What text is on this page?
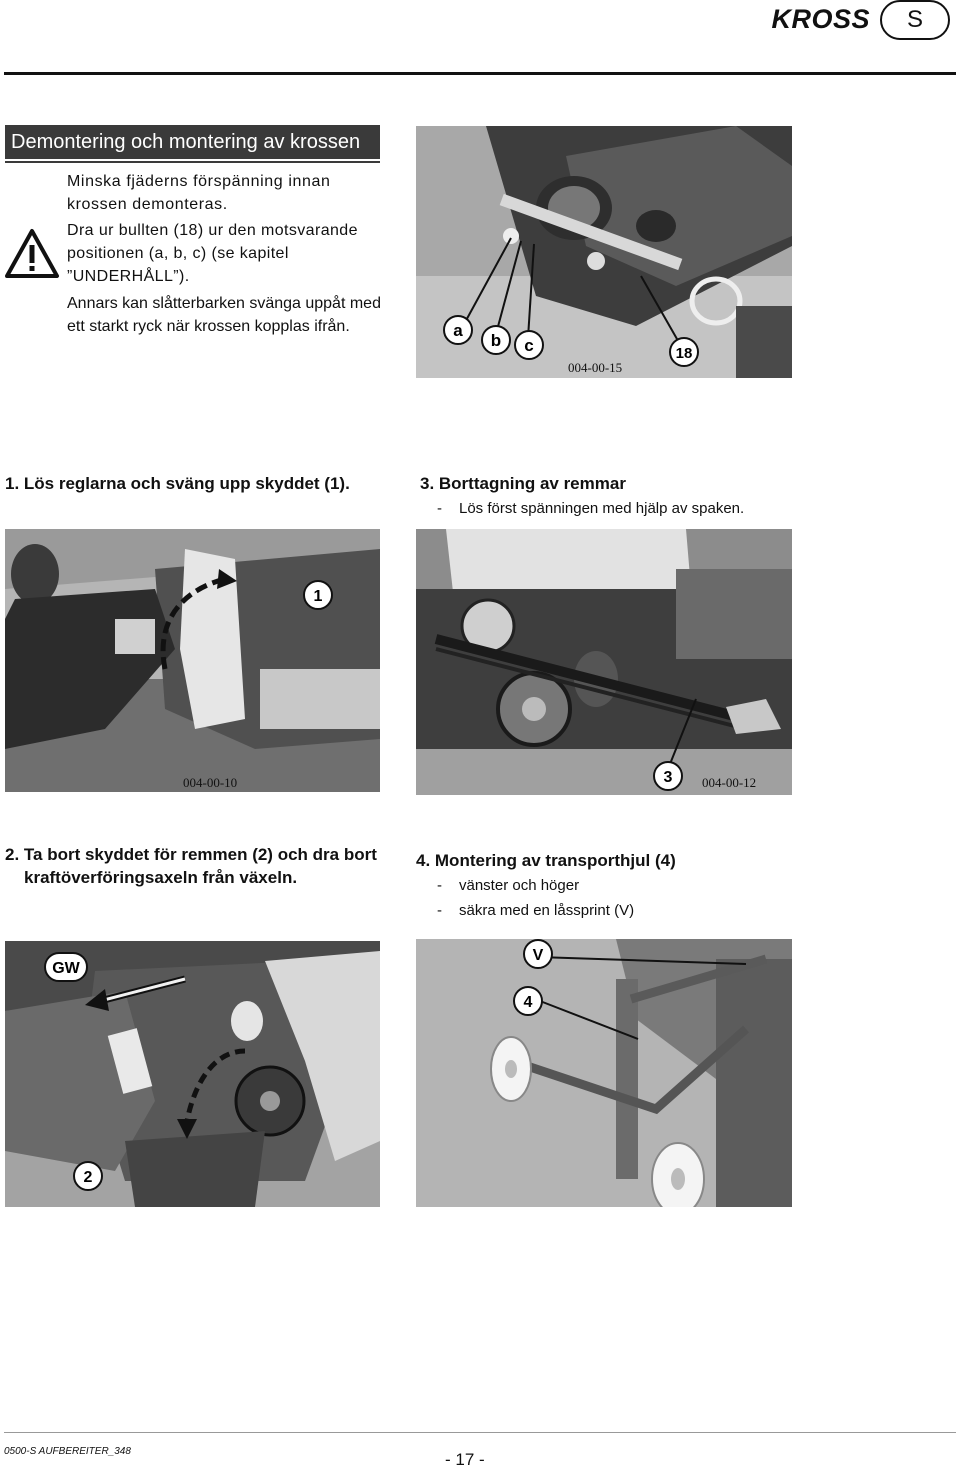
KROSS	S
Demontering och montering av krossen
Minska fjäderns förspänning innan krossen demonteras.
Dra ur bullten (18) ur den motsvarande positionen (a, b, c) (se kapitel ”UNDERHÅLL”).
Annars kan slåtterbarken svänga uppåt med ett starkt ryck när krossen kopplas ifrån.	a
b c	18
004-00-15
1. Lös reglarna och sväng upp skyddet (1).	3. Borttagning av remmar
- Lös först spänningen med hjälp av spaken.
1
004-00-10	3 004-00-12
2. Ta bort skyddet för remmen (2) och dra bort
kraftöverföringsaxeln från växeln.
4. Montering av transporthjul (4)
- vänster och höger
- säkra med en låssprint (V)
GW
2
V
4
0500-S AUFBEREITER_348	- 17 -
